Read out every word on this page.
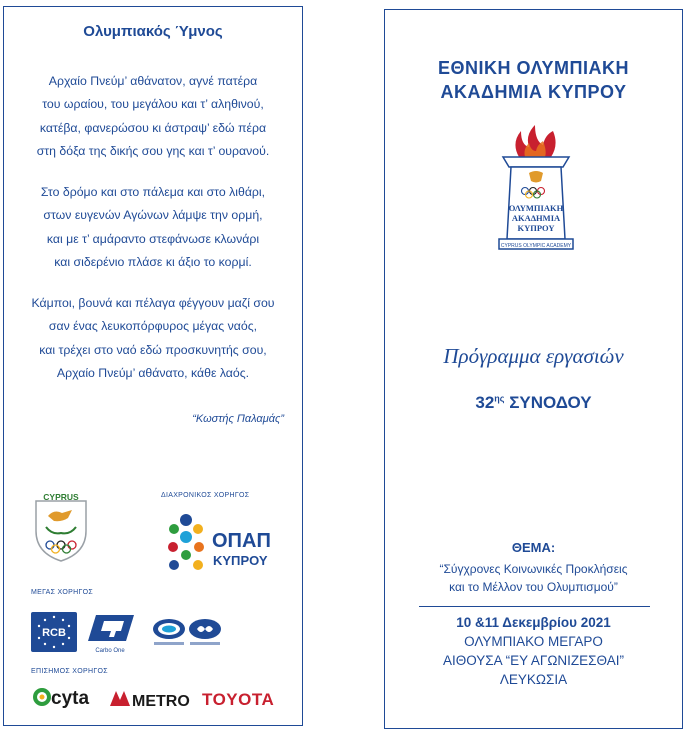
Ολυμπιακός Ύμνος
Αρχαίο Πνεύμ’ αθάνατον, αγνέ πατέρα
του ωραίου, του μεγάλου και τ’ αληθινού,
κατέβα, φανερώσου κι άστραψ’ εδώ πέρα
στη δόξα της δικής σου γης και τ’ ουρανού.
Στο δρόμο και στο πάλεμα και στο λιθάρι,
στων ευγενών Αγώνων λάμψε την ορμή,
και με τ’ αμάραντο στεφάνωσε κλωνάρι
και σιδερένιο πλάσε κι άξιο το κορμί.
Κάμποι, βουνά και πέλαγα φέγγουν μαζί σου
σαν ένας λευκοπόρφυρος μέγας ναός,
και τρέχει στο ναό εδώ προσκυνητής σου,
Αρχαίο Πνεύμ’ αθάνατο, κάθε λαός.
“Κωστής Παλαμάς”
CYPRUS	ΔΙΑΧΡΟΝΙΚΟΣ ΧΟΡΗΓΟΣ
ΟΠΑΠ
ΚΥΠΡΟΥ
ΜΕΓΑΣ ΧΟΡΗΓΟΣ
RCB
Carbo One
ΕΠΙΣΗΜΟΣ ΧΟΡΗΓΟΣ
cyta	METRO TOYOTA
ΕΘΝΙΚΗ ΟΛΥΜΠΙΑΚΗ
ΑΚΑΔΗΜΙΑ ΚΥΠΡΟΥ
ΟΛΥΜΠΙΑΚΗ
ΑΚΑΔΗΜΙΑ
ΚΥΠΡΟΥ
CYPRUS OLYMPIC ACADEMY
Πρόγραμμα εργασιών
$32^{\eta\varsigma}$ ΣΥΝΟΔΟΥ
ΘΕΜΑ:
“Σύγχρονες Κοινωνικές Προκλήσεις
και το Μέλλον του Ολυμπισμού”
10 &11 Δεκεμβρίου 2021
ΟΛΥΜΠΙΑΚΟ ΜΕΓΑΡΟ
ΑΙΘΟΥΣΑ “ΕΥ ΑΓΩΝΙΖΕΣΘΑΙ”
ΛΕΥΚΩΣΙΑ
